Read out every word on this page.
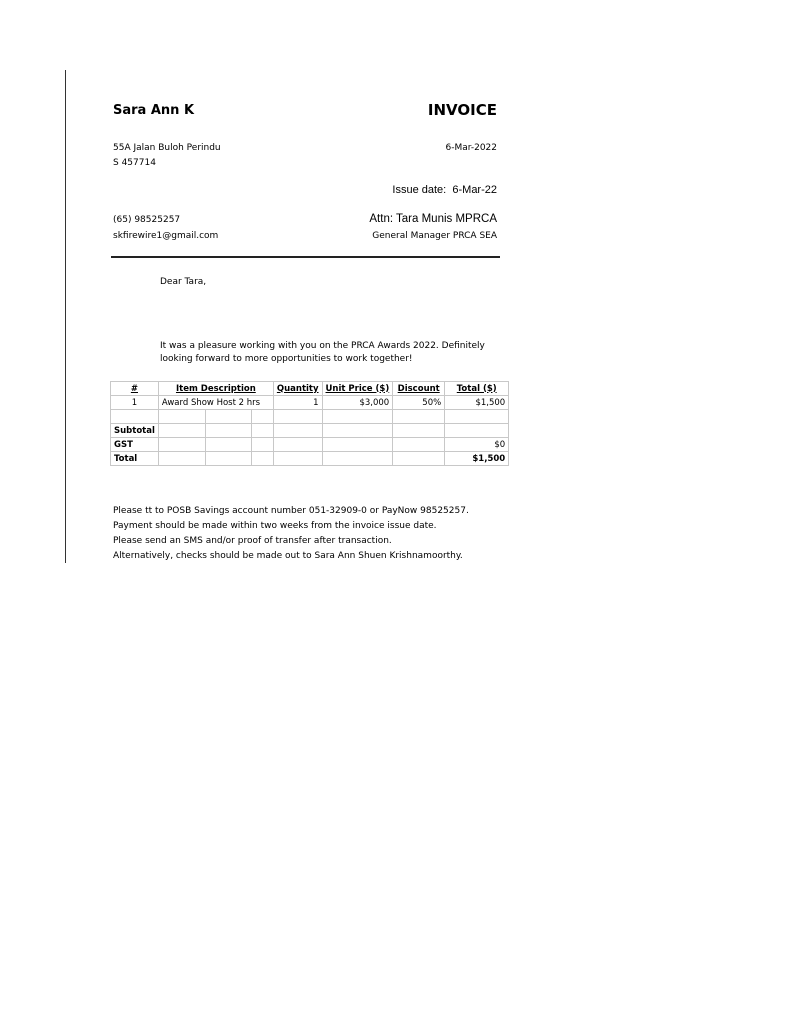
Sara Ann K	INVOICE
55A Jalan Buloh Perindu
S 457714
6-Mar-2022
Issue date: 6-Mar-22
(65) 98525257
skfirewire1@gmail.com
Attn: Tara Munis MPRCA
General Manager PRCA SEA
Dear Tara,
It was a pleasure working with you on the PRCA Awards 2022. Definitely
looking forward to more opportunities to work together!
#	Item Description			Quantity	Unit Price ($)	Discount	Total ($)
1	Award Show Host 2 hrs			1	$3,000	50%	$1,500

Subtotal							
GST							$0
Total							$1,500
Please tt to POSB Savings account number 051-32909-0 or PayNow 98525257.
Payment should be made within two weeks from the invoice issue date.
Please send an SMS and/or proof of transfer after transaction.
Alternatively, checks should be made out to Sara Ann Shuen Krishnamoorthy.
